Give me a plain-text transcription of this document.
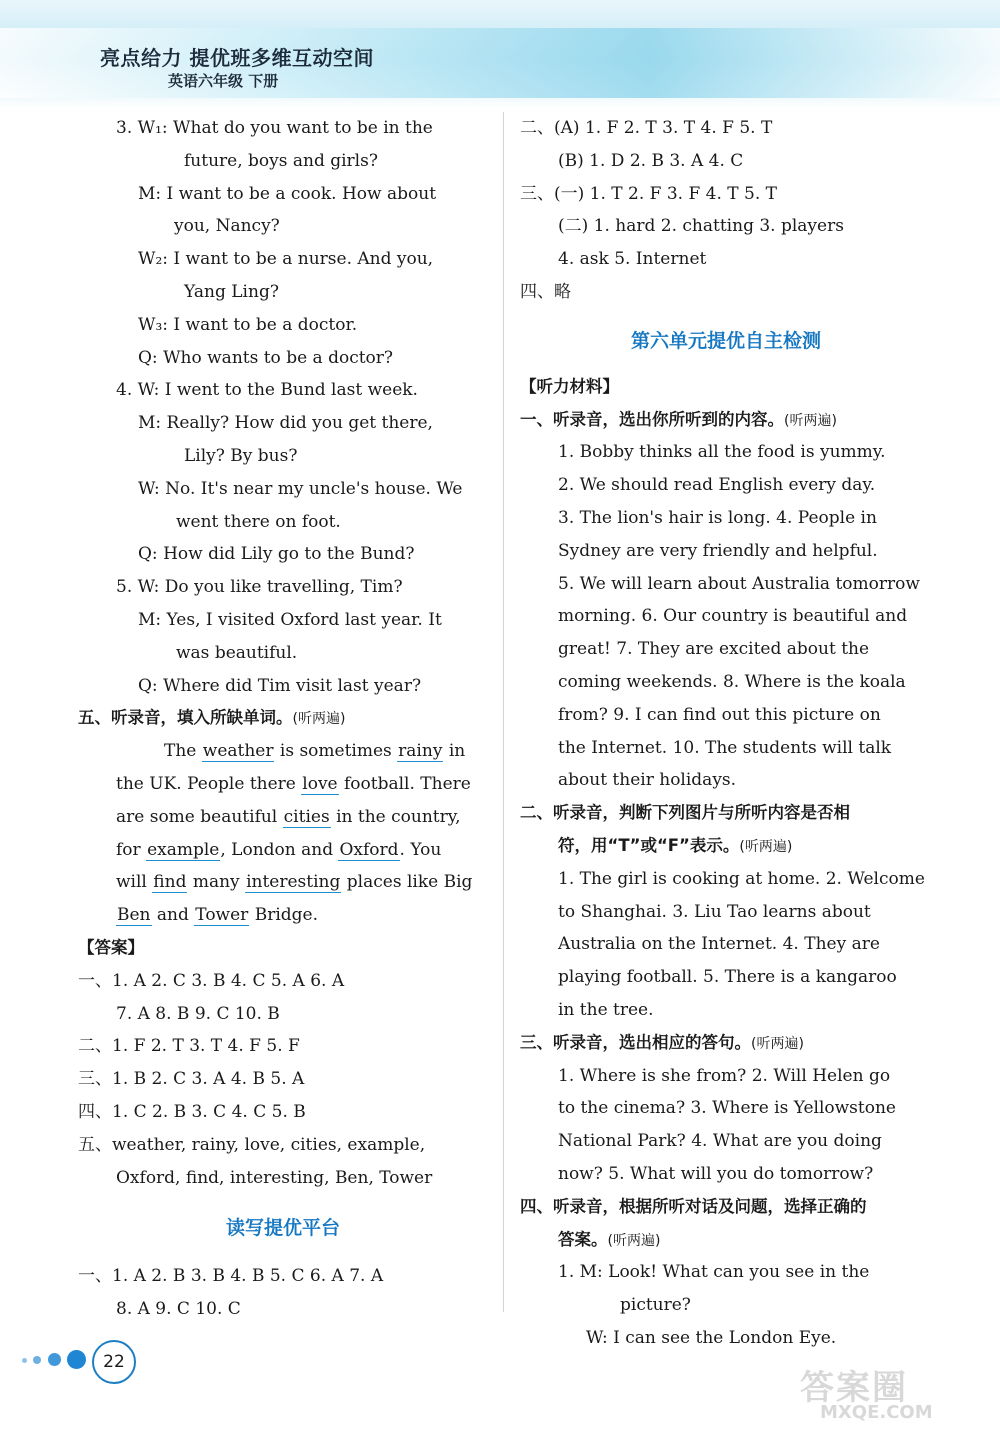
亮点给力 提优班多维互动空间
英语六年级 下册
3. W₁: What do you want to be in the
future, boys and girls?
M: I want to be a cook. How about
you, Nancy?
W₂: I want to be a nurse. And you,
Yang Ling?
W₃: I want to be a doctor.
Q: Who wants to be a doctor?
4. W: I went to the Bund last week.
M: Really? How did you get there,
Lily? By bus?
W: No. It's near my uncle's house. We
went there on foot.
Q: How did Lily go to the Bund?
5. W: Do you like travelling, Tim?
M: Yes, I visited Oxford last year. It
was beautiful.
Q: Where did Tim visit last year?
五、听录音，填入所缺单词。(听两遍)
The weather is sometimes rainy in
the UK. People there love football. There
are some beautiful cities in the country,
for example, London and Oxford. You
will find many interesting places like Big
Ben and Tower Bridge.
【答案】
一、1. A 2. C 3. B 4. C 5. A 6. A
7. A 8. B 9. C 10. B
二、1. F 2. T 3. T 4. F 5. F
三、1. B 2. C 3. A 4. B 5. A
四、1. C 2. B 3. C 4. C 5. B
五、weather, rainy, love, cities, example,
Oxford, find, interesting, Ben, Tower
读写提优平台
一、1. A 2. B 3. B 4. B 5. C 6. A 7. A
8. A 9. C 10. C
二、(A) 1. F 2. T 3. T 4. F 5. T
(B) 1. D 2. B 3. A 4. C
三、(一) 1. T 2. F 3. F 4. T 5. T
(二) 1. hard 2. chatting 3. players
4. ask 5. Internet
四、略
第六单元提优自主检测
【听力材料】
一、听录音，选出你所听到的内容。(听两遍)
1. Bobby thinks all the food is yummy.
2. We should read English every day.
3. The lion's hair is long. 4. People in
Sydney are very friendly and helpful.
5. We will learn about Australia tomorrow
morning. 6. Our country is beautiful and
great! 7. They are excited about the
coming weekends. 8. Where is the koala
from? 9. I can find out this picture on
the Internet. 10. The students will talk
about their holidays.
二、听录音，判断下列图片与所听内容是否相
符，用“T”或“F”表示。(听两遍)
1. The girl is cooking at home. 2. Welcome
to Shanghai. 3. Liu Tao learns about
Australia on the Internet. 4. They are
playing football. 5. There is a kangaroo
in the tree.
三、听录音，选出相应的答句。(听两遍)
1. Where is she from? 2. Will Helen go
to the cinema? 3. Where is Yellowstone
National Park? 4. What are you doing
now? 5. What will you do tomorrow?
四、听录音，根据所听对话及问题，选择正确的
答案。(听两遍)
1. M: Look! What can you see in the
picture?
W: I can see the London Eye.
22
答案圈
MXQE.COM
